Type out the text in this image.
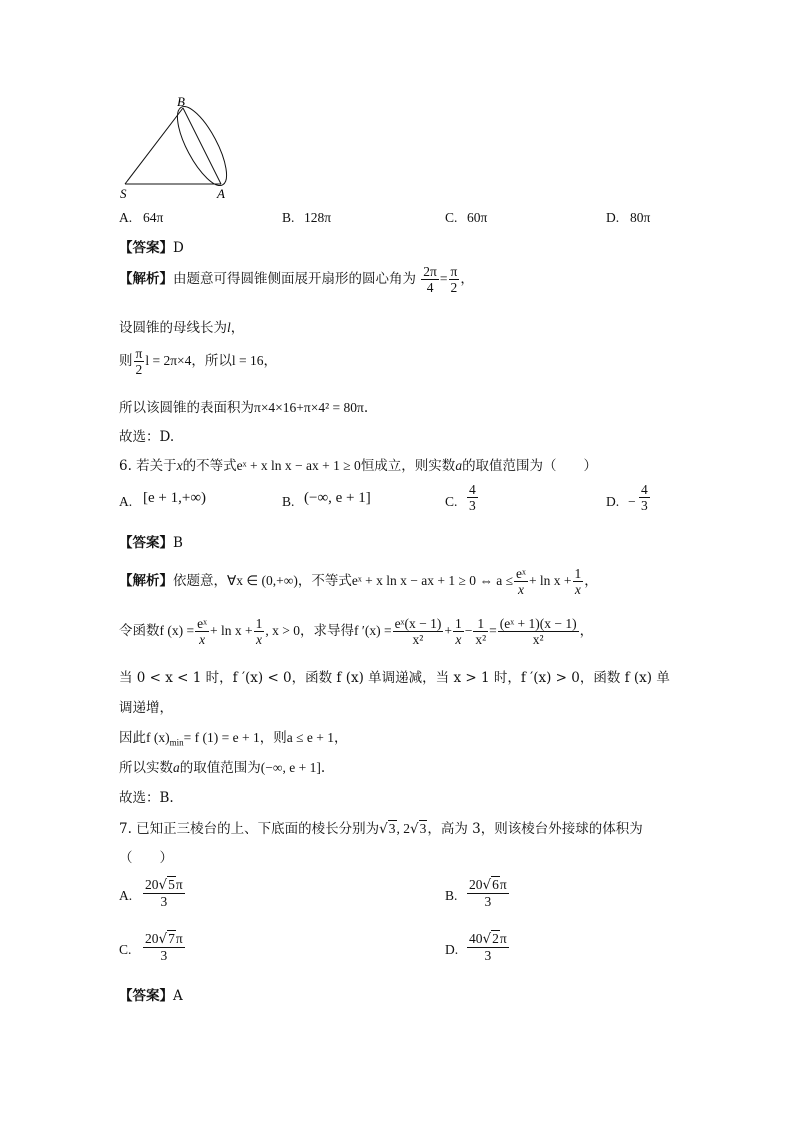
B
S	A
A. 64π	B. 128π	C. 60π	D. 80π
【答案】D
【解析】由题意可得圆锥侧面展开扇形的圆心角为 $\frac{2\pi}{4} = \frac{\pi}{2}$ ，
设圆锥的母线长为l，
则 $\frac{\pi}{2}$ l = 2π×4，所以l = 16，
所以该圆锥的表面积为π×4×16+π×4² = 80π.
故选：D.
6. 若关于x的不等式eˣ + x ln x − ax + 1 ≥ 0恒成立，则实数a的取值范围为（　　）
A. [e + 1,+∞)	B. (−∞, e + 1]	C. $\frac{4}{3}$	D. − $\frac{4}{3}$
【答案】B
【解析】依题意，∀x ∈ (0,+∞)，不等式eˣ + x ln x − ax + 1 ≥ 0 ⇔ $a \le \frac{\text{eˣ}}{x} + \ln x + \frac{1}{x}$ ，
令函数f $(x) = \frac{\text{eˣ}}{x} + \ln x + \frac{1}{x}$ , x > 0，求导得f $'(x) = \frac{\text{eˣ(x − 1)}}{\text{x²}} + \frac{1}{x} - \frac{1}{\text{x²}} = \frac{\text{(eˣ + 1)(x − 1)}}{\text{x²}}$ ，
当 0 < x < 1 时，f ′(x) < 0，函数 f (x) 单调递减，当 x > 1 时，f ′(x) > 0，函数 f (x) 单
调递增，
因此f $(x)_{min}= f$ (1) = e + 1，则a ≤ e + 1，
所以实数a的取值范围为(−∞, e + 1].
故选：B.
7. 已知正三棱台的上、下底面的棱长分别为√3, 2√3，高为 3，则该棱台外接球的体积为
（　　）
A. $\frac{20√5\pi}{3}$	B. $\frac{20√6\pi}{3}$
C. $\frac{20√7\pi}{3}$	D. $\frac{40√2\pi}{3}$
【答案】A
